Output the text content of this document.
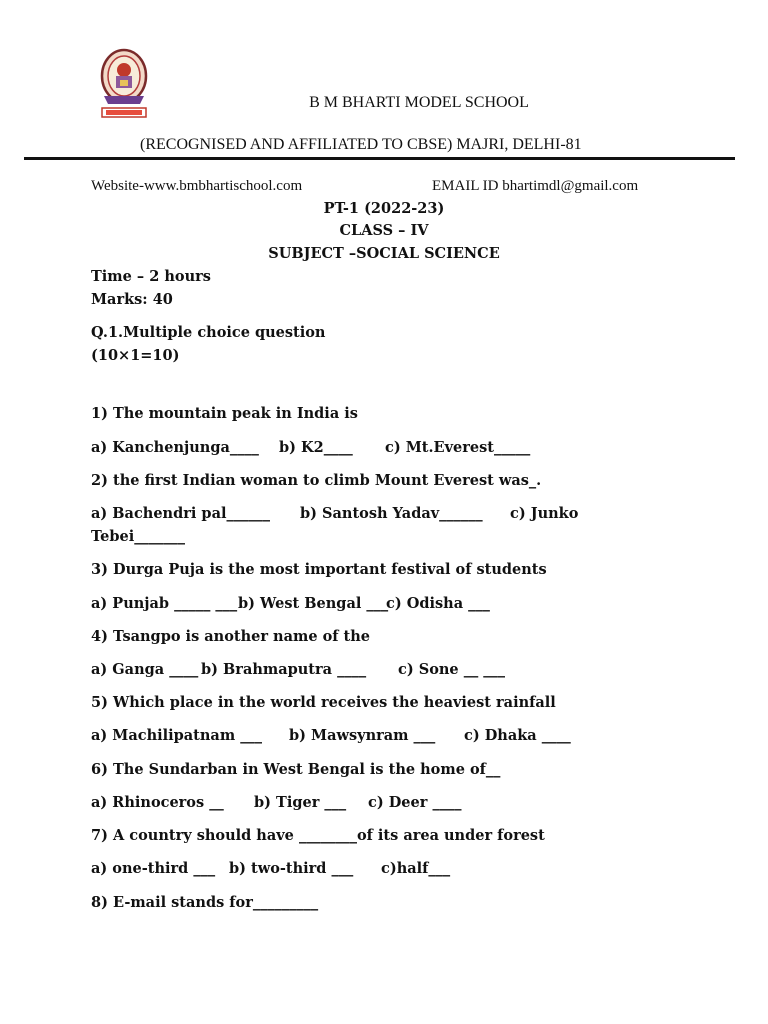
B M BHARTI MODEL SCHOOL
(RECOGNISED AND AFFILIATED TO CBSE) MAJRI, DELHI-81
Website-www.bmbhartischool.com	EMAIL ID bhartimdl@gmail.com
PT-1 (2022-23)
CLASS – IV
SUBJECT –SOCIAL SCIENCE
Time – 2 hours
Marks: 40
Q.1.Multiple choice question
(10×1=10)
1) The mountain peak in India is
a) Kanchenjunga____ b) K2____ c) Mt.Everest_____
2) the first Indian woman to climb Mount Everest was_.
a) Bachendri pal______ b) Santosh Yadav______ c) Junko
Tebei_______
3) Durga Puja is the most important festival of students
a) Punjab _____ ___b) West Bengal ___c) Odisha ___
4) Tsangpo is another name of the
a) Ganga ____ b) Brahmaputra ____ c) Sone __ ___
5) Which place in the world receives the heaviest rainfall
a) Machilipatnam ___ b) Mawsynram ___ c) Dhaka ____
6) The Sundarban in West Bengal is the home of__
a) Rhinoceros __ b) Tiger ___ c) Deer ____
7) A country should have ________of its area under forest
a) one-third ___ b) two-third ___ c)half___
8) E-mail stands for_________
